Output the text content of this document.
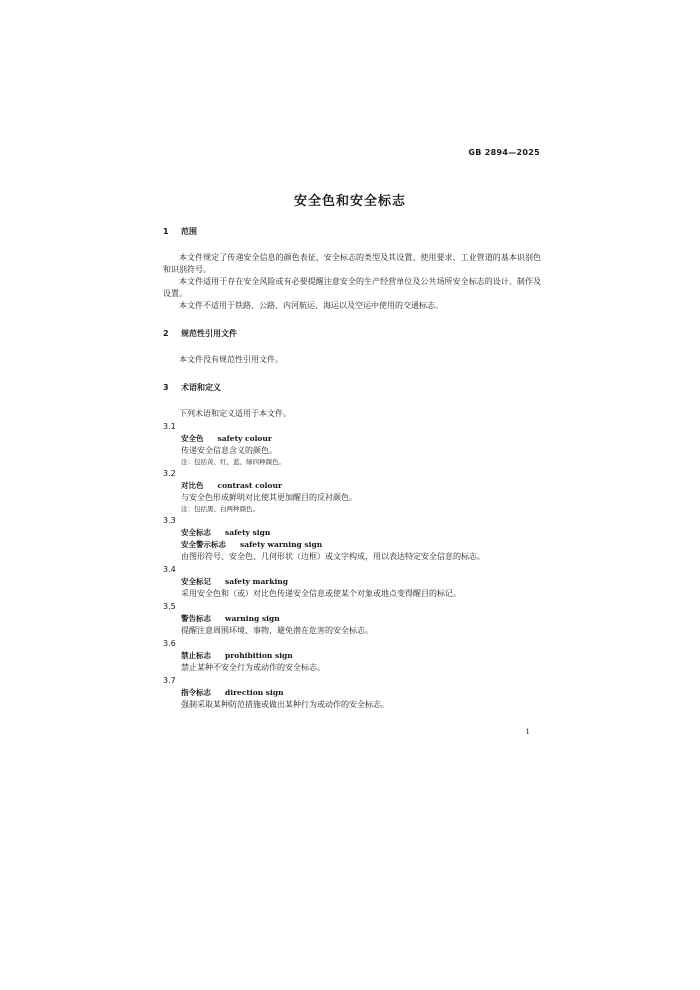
GB 2894—2025
安全色和安全标志

1 范围

本文件规定了传递安全信息的颜色表征、安全标志的类型及其设置、使用要求、工业管道的基本识别色和识别符号。

本文件适用于存在安全风险或有必要提醒注意安全的生产经营单位及公共场所安全标志的设计、制作及设置。

本文件不适用于铁路、公路、内河航运、海运以及空运中使用的交通标志。

2 规范性引用文件

本文件没有规范性引用文件。

3 术语和定义

下列术语和定义适用于本文件。

3.1

安全色 safety colour

传递安全信息含义的颜色。

注：包括黄、红、蓝、绿四种颜色。

3.2

对比色 contrast colour

与安全色形成鲜明对比使其更加醒目的反衬颜色。

注：包括黑、白两种颜色。

3.3

安全标志 safety sign

安全警示标志 safety warning sign

由图形符号、安全色、几何形状（边框）或文字构成，用以表达特定安全信息的标志。

3.4

安全标记 safety marking

采用安全色和（或）对比色传递安全信息或使某个对象或地点变得醒目的标记。

3.5

警告标志 warning sign

提醒注意周围环境、事物，避免潜在危害的安全标志。

3.6

禁止标志 prohibition sign

禁止某种不安全行为或动作的安全标志。

3.7

指令标志 direction sign

强制采取某种防范措施或做出某种行为或动作的安全标志。

1
